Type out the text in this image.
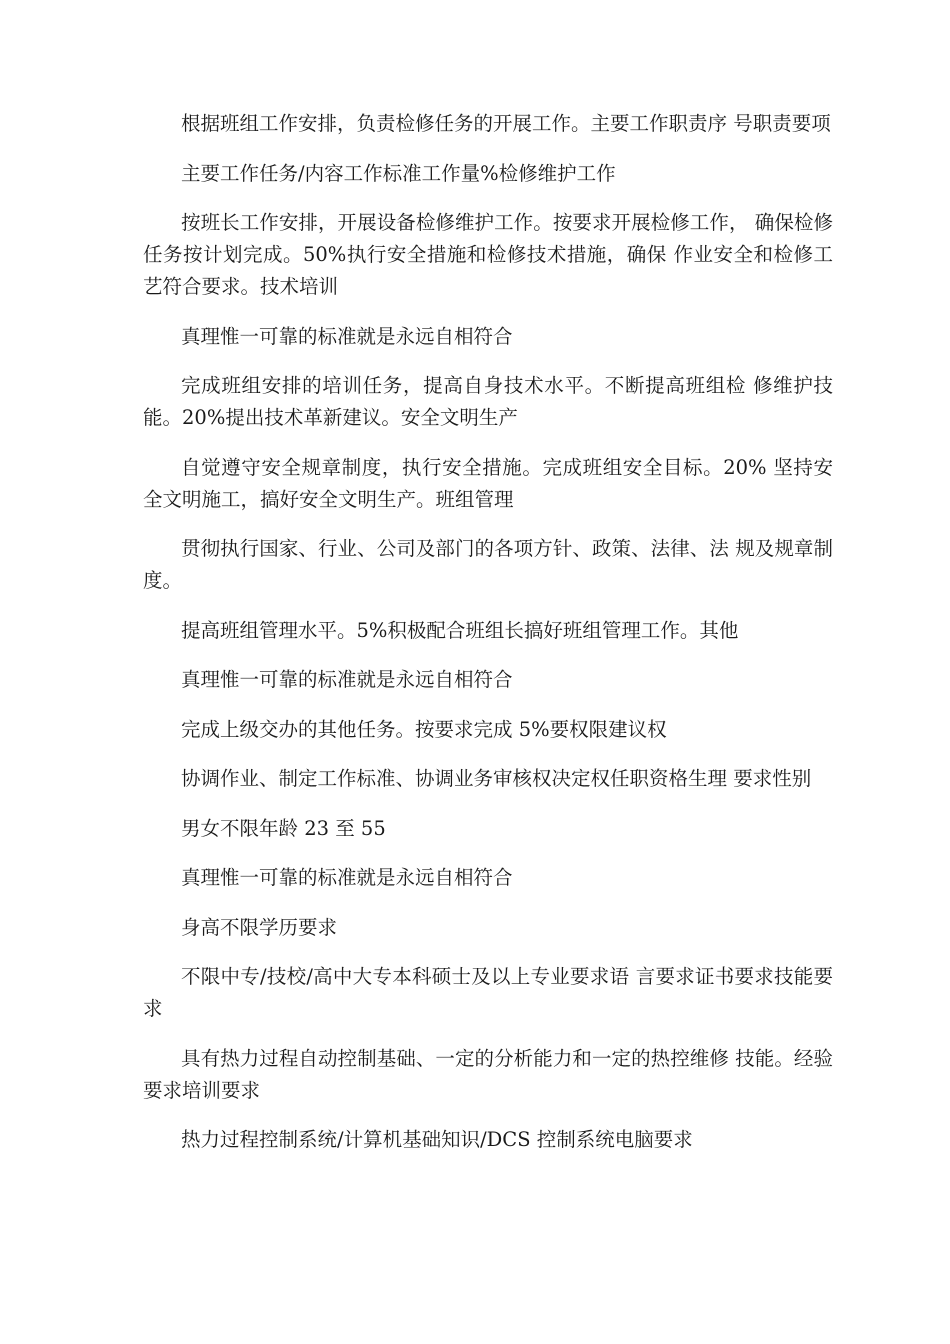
根据班组工作安排，负责检修任务的开展工作。主要工作职责序 号职责要项

主要工作任务/内容工作标准工作量%检修维护工作

按班长工作安排，开展设备检修维护工作。按要求开展检修工作， 确保检修任务按计划完成。50%执行安全措施和检修技术措施，确保 作业安全和检修工艺符合要求。技术培训

真理惟一可靠的标准就是永远自相符合

完成班组安排的培训任务，提高自身技术水平。不断提高班组检 修维护技能。20%提出技术革新建议。安全文明生产

自觉遵守安全规章制度，执行安全措施。完成班组安全目标。20% 坚持安全文明施工，搞好安全文明生产。班组管理

贯彻执行国家、行业、公司及部门的各项方针、政策、法律、法 规及规章制度。

提高班组管理水平。5%积极配合班组长搞好班组管理工作。其他

真理惟一可靠的标准就是永远自相符合

完成上级交办的其他任务。按要求完成 5%要权限建议权

协调作业、制定工作标准、协调业务审核权决定权任职资格生理 要求性别

男女不限年龄 23 至 55

真理惟一可靠的标准就是永远自相符合

身高不限学历要求

不限中专/技校/高中大专本科硕士及以上专业要求语 言要求证书要求技能要求

具有热力过程自动控制基础、一定的分析能力和一定的热控维修 技能。经验要求培训要求

热力过程控制系统/计算机基础知识/DCS 控制系统电脑要求
